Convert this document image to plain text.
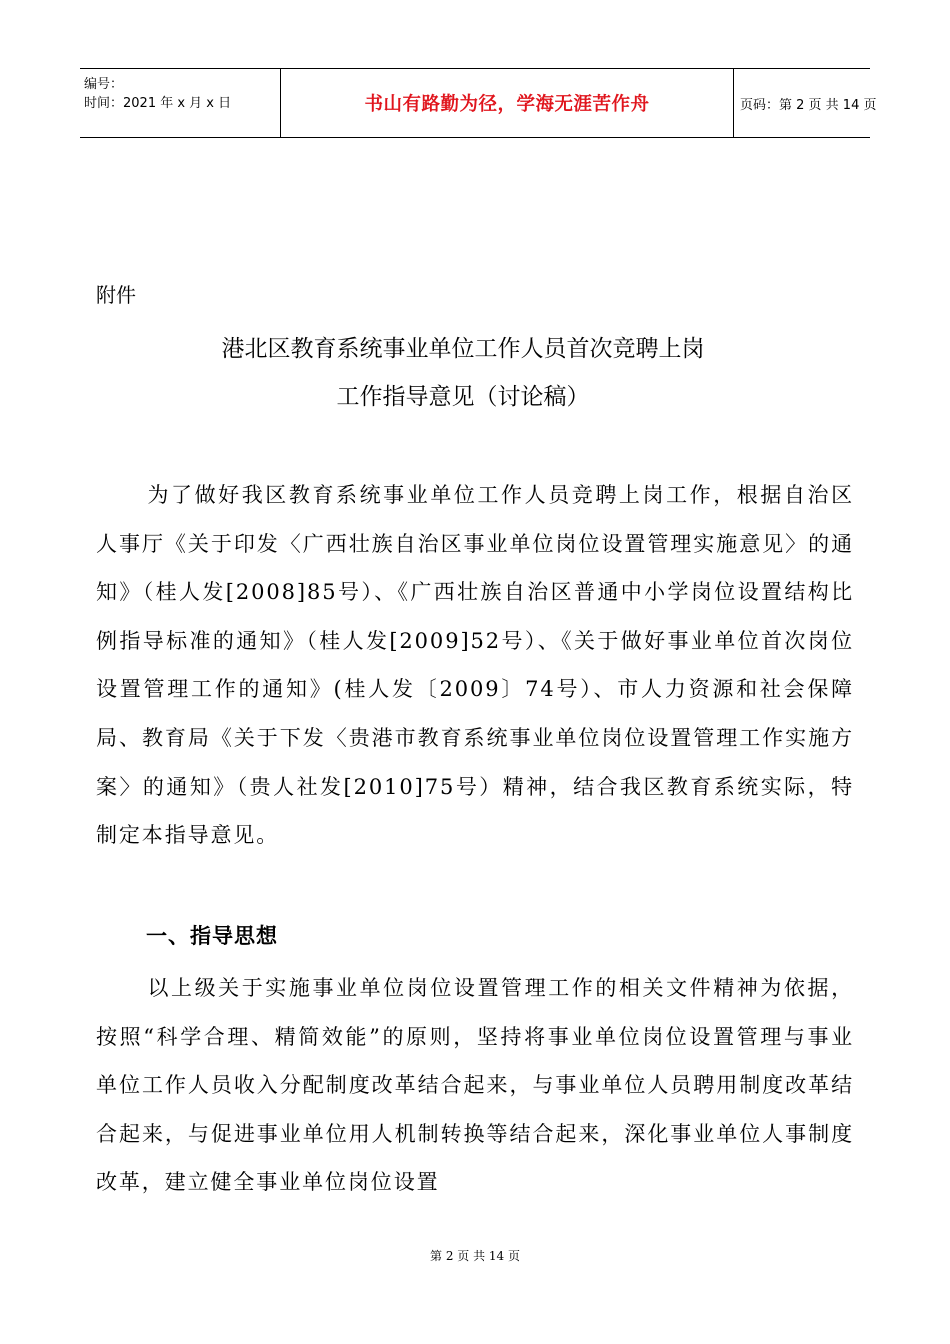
编号：
时间：2021 年 x 月 x 日	书山有路勤为径，学海无涯苦作舟	页码：第 2 页 共 14 页
附件
港北区教育系统事业单位工作人员首次竞聘上岗
工作指导意见（讨论稿）

为了做好我区教育系统事业单位工作人员竞聘上岗工作，根据自治区人事厅《关于印发〈广西壮族自治区事业单位岗位设置管理实施意见〉的通知》（桂人发[2008]85号）、《广西壮族自治区普通中小学岗位设置结构比例指导标准的通知》（桂人发[2009]52号）、《关于做好事业单位首次岗位设置管理工作的通知》(桂人发〔2009〕74号）、市人力资源和社会保障局、教育局《关于下发〈贵港市教育系统事业单位岗位设置管理工作实施方案〉的通知》（贵人社发[2010]75号）精神，结合我区教育系统实际，特制定本指导意见。

一、指导思想

以上级关于实施事业单位岗位设置管理工作的相关文件精神为依据，按照“科学合理、精简效能”的原则，坚持将事业单位岗位设置管理与事业单位工作人员收入分配制度改革结合起来，与事业单位人员聘用制度改革结合起来，与促进事业单位用人机制转换等结合起来，深化事业单位人事制度改革，建立健全事业单位岗位设置

第 2 页 共 14 页
